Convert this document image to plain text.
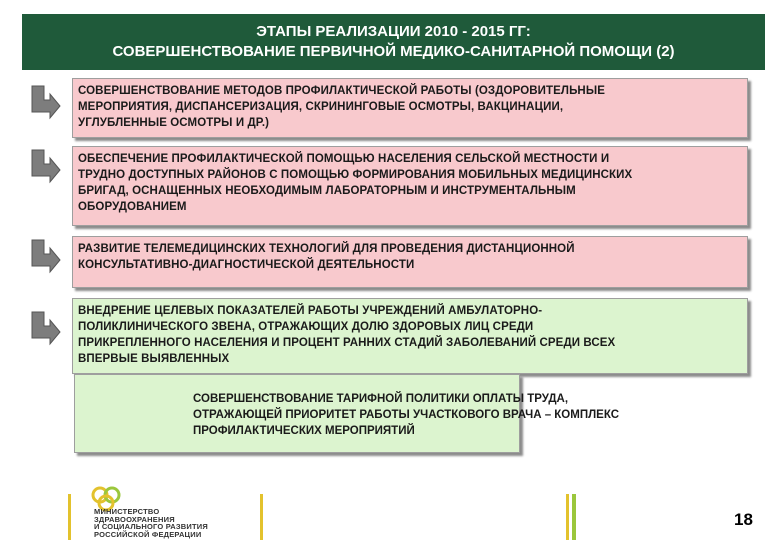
ЭТАПЫ РЕАЛИЗАЦИИ 2010 - 2015 ГГ:
СОВЕРШЕНСТВОВАНИЕ ПЕРВИЧНОЙ МЕДИКО-САНИТАРНОЙ ПОМОЩИ (2)
СОВЕРШЕНСТВОВАНИЕ МЕТОДОВ ПРОФИЛАКТИЧЕСКОЙ РАБОТЫ (ОЗДОРОВИТЕЛЬНЫЕ
МЕРОПРИЯТИЯ, ДИСПАНСЕРИЗАЦИЯ, СКРИНИНГОВЫЕ ОСМОТРЫ, ВАКЦИНАЦИИ,
УГЛУБЛЕННЫЕ ОСМОТРЫ И ДР.)
ОБЕСПЕЧЕНИЕ ПРОФИЛАКТИЧЕСКОЙ ПОМОЩЬЮ НАСЕЛЕНИЯ СЕЛЬСКОЙ МЕСТНОСТИ И
ТРУДНО ДОСТУПНЫХ РАЙОНОВ С ПОМОЩЬЮ ФОРМИРОВАНИЯ МОБИЛЬНЫХ МЕДИЦИНСКИХ
БРИГАД, ОСНАЩЕННЫХ НЕОБХОДИМЫМ ЛАБОРАТОРНЫМ И ИНСТРУМЕНТАЛЬНЫМ
ОБОРУДОВАНИЕМ
РАЗВИТИЕ ТЕЛЕМЕДИЦИНСКИХ ТЕХНОЛОГИЙ ДЛЯ ПРОВЕДЕНИЯ ДИСТАНЦИОННОЙ
КОНСУЛЬТАТИВНО-ДИАГНОСТИЧЕСКОЙ ДЕЯТЕЛЬНОСТИ
ВНЕДРЕНИЕ ЦЕЛЕВЫХ ПОКАЗАТЕЛЕЙ РАБОТЫ УЧРЕЖДЕНИЙ АМБУЛАТОРНО-
ПОЛИКЛИНИЧЕСКОГО ЗВЕНА, ОТРАЖАЮЩИХ ДОЛЮ ЗДОРОВЫХ ЛИЦ СРЕДИ
ПРИКРЕПЛЕННОГО НАСЕЛЕНИЯ И ПРОЦЕНТ РАННИХ СТАДИЙ ЗАБОЛЕВАНИЙ СРЕДИ ВСЕХ
ВПЕРВЫЕ ВЫЯВЛЕННЫХ
СОВЕРШЕНСТВОВАНИЕ ТАРИФНОЙ ПОЛИТИКИ ОПЛАТЫ ТРУДА,
ОТРАЖАЮЩЕЙ ПРИОРИТЕТ РАБОТЫ УЧАСТКОВОГО ВРАЧА – КОМПЛЕКС
ПРОФИЛАКТИЧЕСКИХ МЕРОПРИЯТИЙ
МИНИСТЕРСТВО
ЗДРАВООХРАНЕНИЯ
И СОЦИАЛЬНОГО РАЗВИТИЯ
РОССИЙСКОЙ ФЕДЕРАЦИИ
18
